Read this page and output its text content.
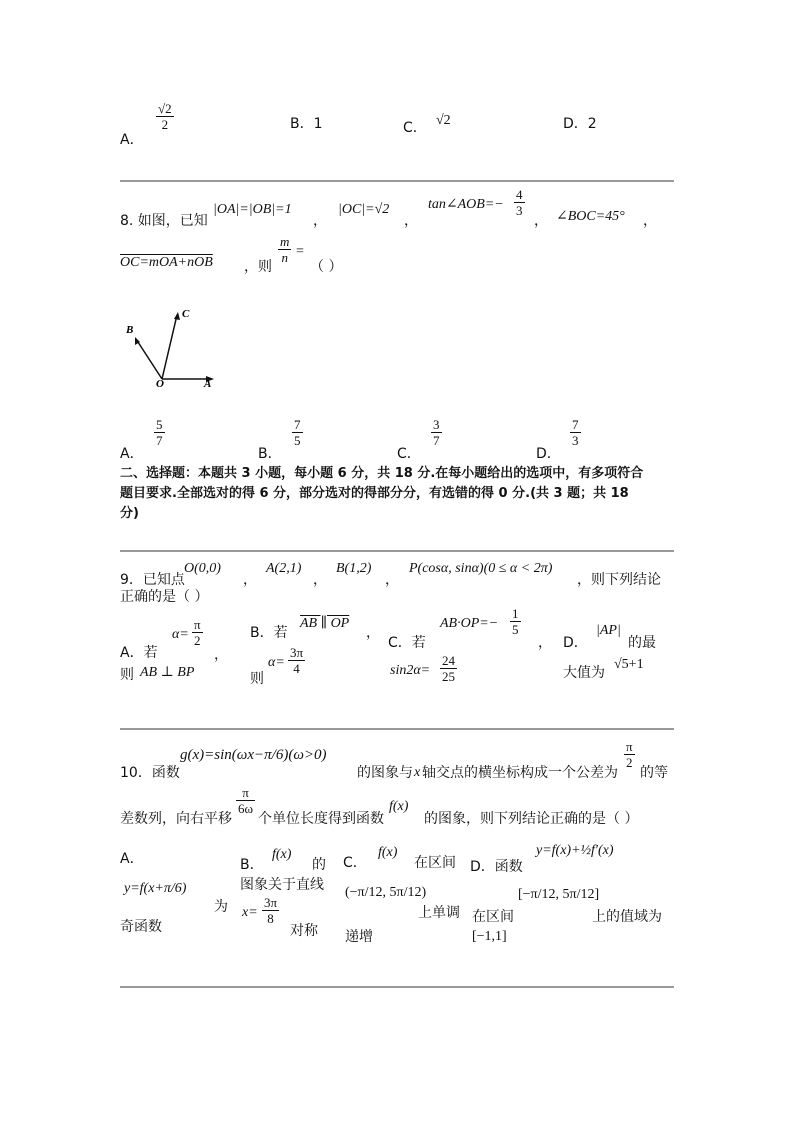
A．
$\frac{√2}{2}$	B．1	C． √2	D．2
8. 如图，已知
|OA|=|OB|=1
，
|OC|=√2
，
tan∠AOB=− $\frac{4}{3}$
， ∠BOC=45° ，
OC=mOA+nOB ，则
$\frac{m}{n}$ =
（ ）
B
C
O	A
A．
$\frac{5}{7}$
B．
$\frac{7}{5}$
C．
$\frac{3}{7}$
D．
$\frac{7}{3}$
二、选择题：本题共 3 小题，每小题 6 分，共 18 分.在每小题给出的选项中，有多项符合
题目要求.全部选对的得 6 分，部分选对的得部分分，有选错的得 0 分.(共 3 题；共 18
分)
9．已知点
O(0,0)
，
A(2,1)
，
B(1,2)
，
P(cosα, sinα)(0 ≤ α < 2π)
，则下列结论
正确的是（ ）
A．若
$\alpha= \frac{\pi}{2}$
，
则 AB ⊥ BP
B．若
AB ∥ OP
，
则
$\alpha= \frac{3\pi}{4}$
C．若
$AB\cdot OP=- \frac{1}{5}$
，
$\sin 2\alpha= \frac{24}{25}$
D．
|AP|
的最
大值为
√5+1
10．函数
g(x)=sin(ωx−π/6)(ω>0)
的图象与 x 轴交点的横坐标构成一个公差为
$\frac{\pi}{2}$
的等
差数列，向右平移
$\frac{\pi}{6\omega}$
个单位长度得到函数
f(x)
的图象，则下列结论正确的是（ ）
A．
y=f(x+π/6)
为
奇函数
B．
f(x)
的
图象关于直线
$x= \frac{3\pi}{8}$
对称
C．
f(x)
在区间
(−π/12, 5π/12)
上单调
递增
D．函数
y=f(x)+½f′(x)
在区间
[−π/12, 5π/12]
上的值域为
[−1,1]
